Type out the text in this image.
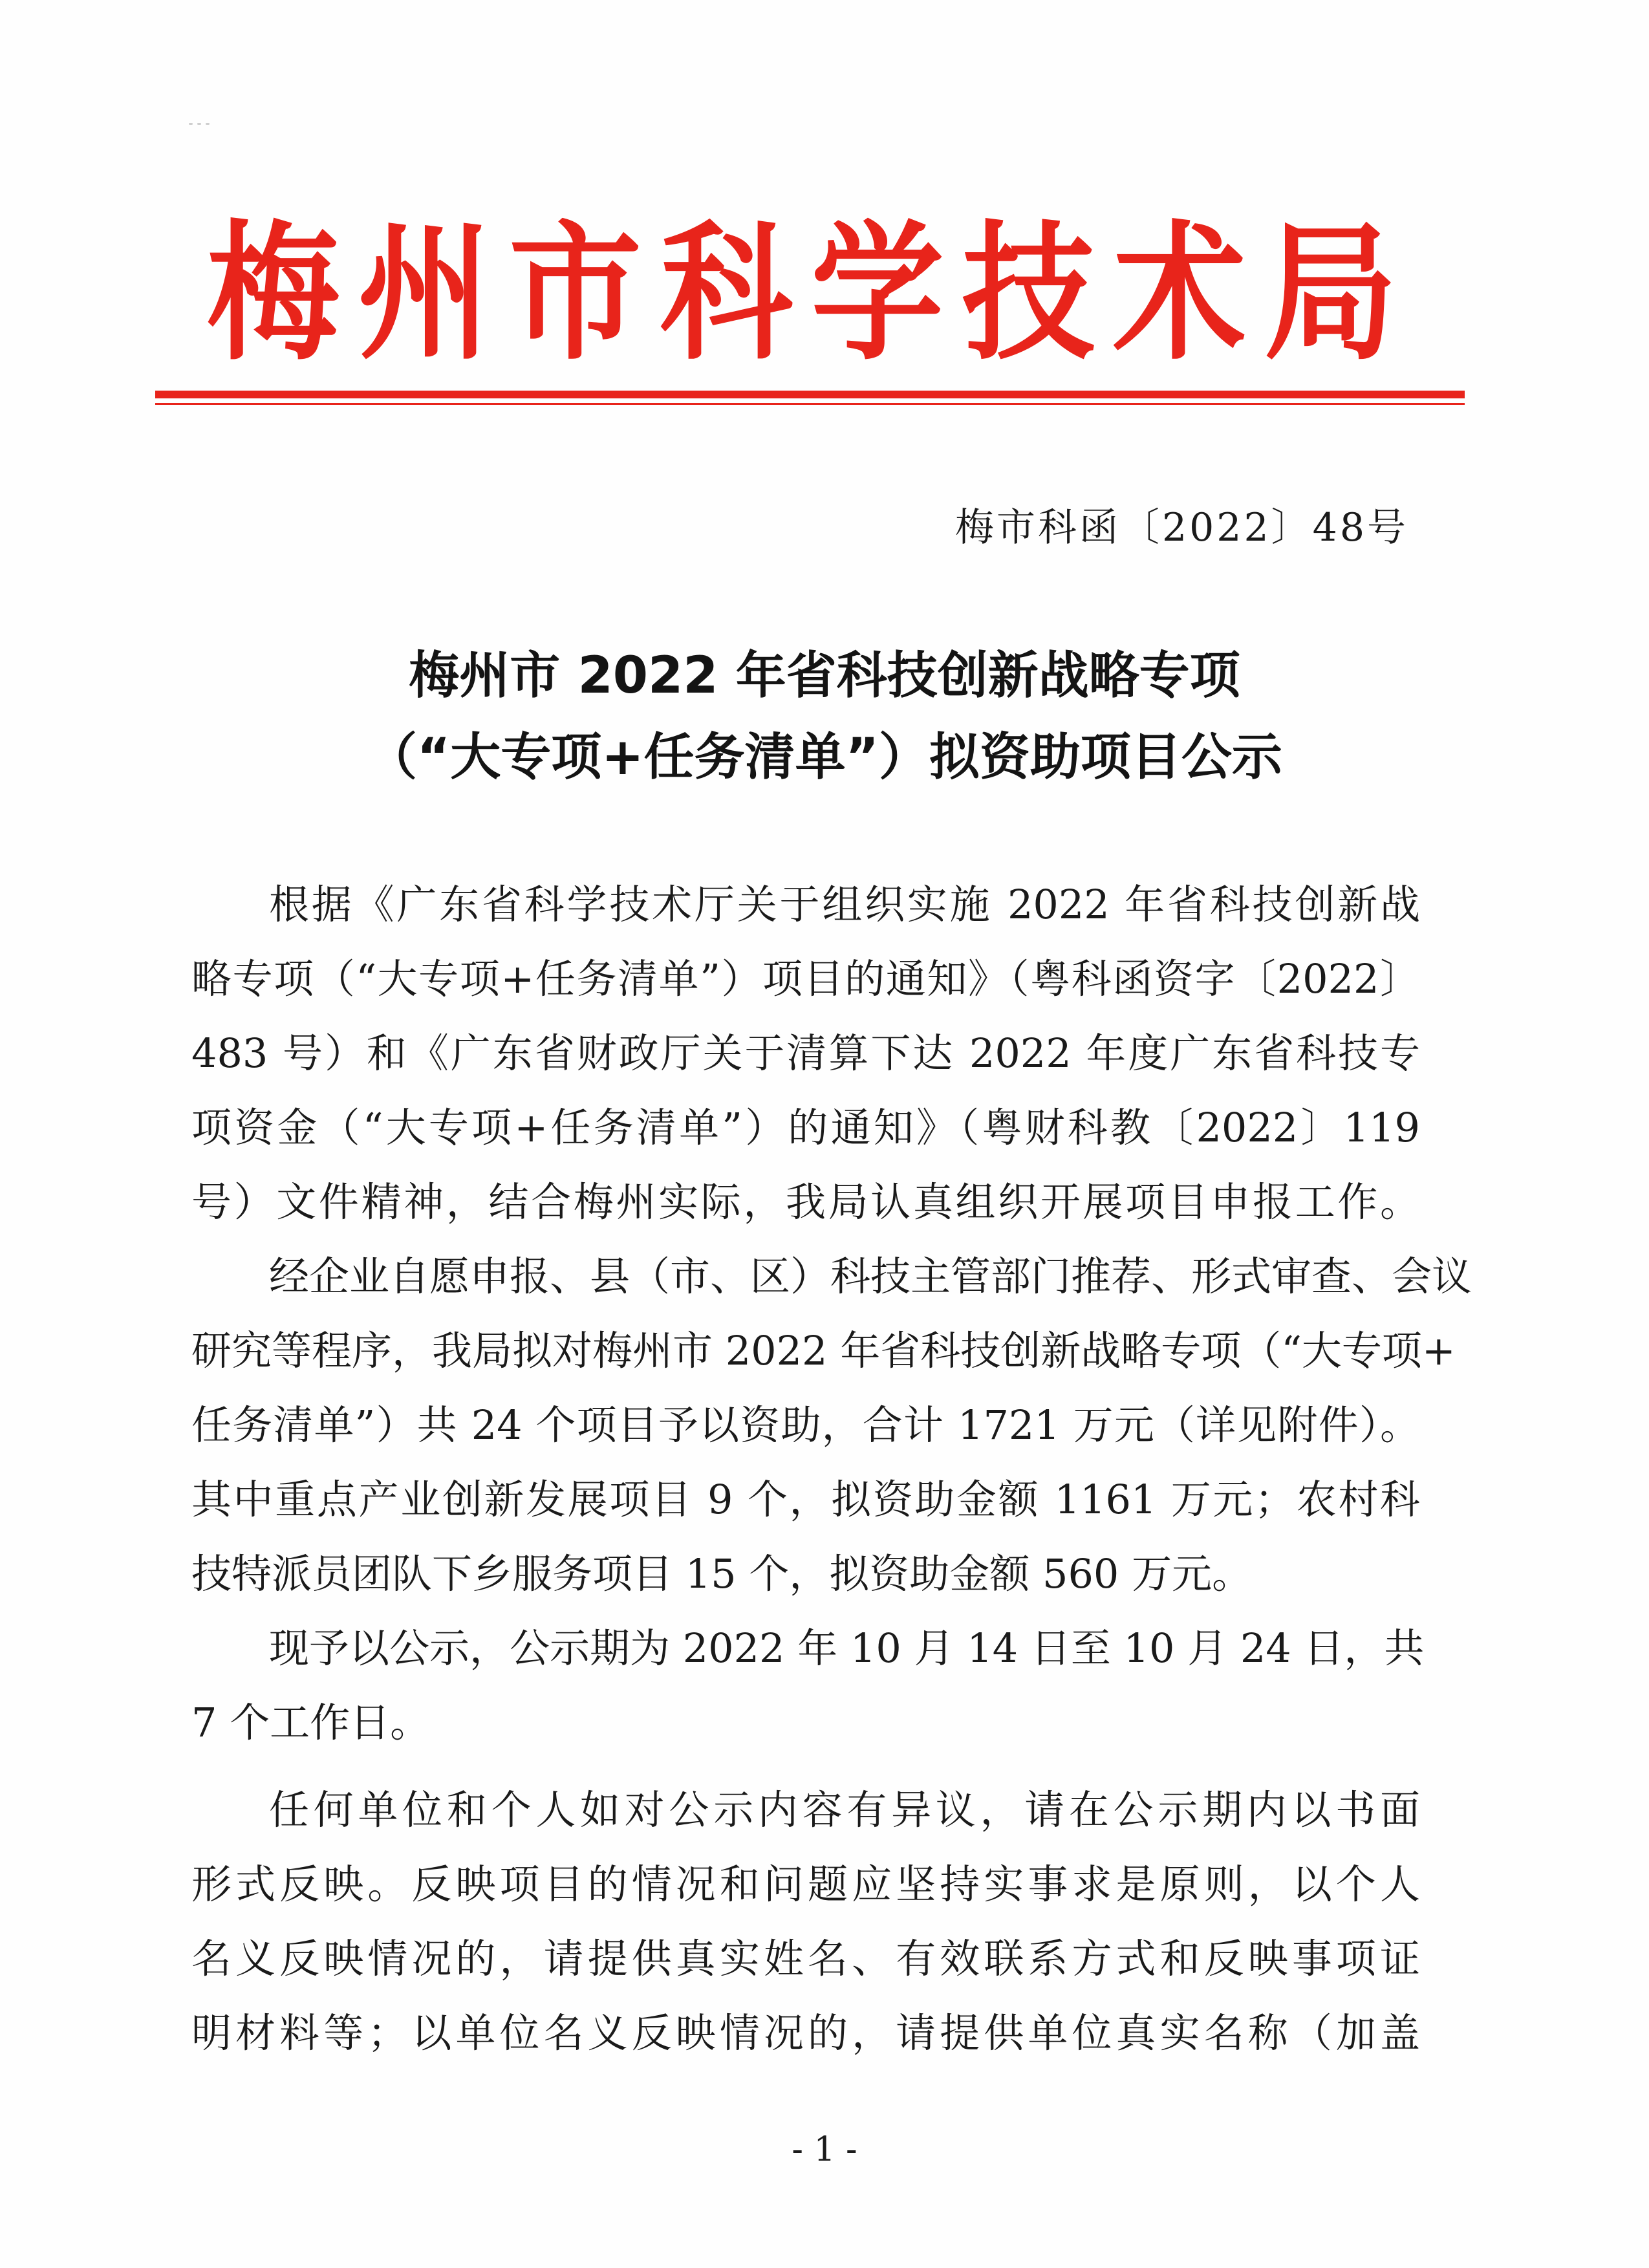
梅 州 市 科 学 技 术 局
梅市科函〔2022〕48号
梅州市 2022 年省科技创新战略专项
（“大专项+任务清单”）拟资助项目公示
根据《广东省科学技术厅关于组织实施 2022 年省科技创新战
略专项（“大专项+任务清单”）项目的通知》（粤科函资字〔2022〕
483 号）和《广东省财政厅关于清算下达 2022 年度广东省科技专
项资金（“大专项+任务清单”）的通知》（粤财科教〔2022〕119
号）文件精神，结合梅州实际，我局认真组织开展项目申报工作。
经企业自愿申报、县（市、区）科技主管部门推荐、形式审查、会议
研究等程序，我局拟对梅州市 2022 年省科技创新战略专项（“大专项+
任务清单”）共 24 个项目予以资助，合计 1721 万元（详见附件）。
其中重点产业创新发展项目 9 个，拟资助金额 1161 万元；农村科
技特派员团队下乡服务项目 15 个，拟资助金额 560 万元。
现予以公示，公示期为 2022 年 10 月 14 日至 10 月 24 日，共
7 个工作日。
任何单位和个人如对公示内容有异议，请在公示期内以书面
形式反映。反映项目的情况和问题应坚持实事求是原则，以个人
名义反映情况的，请提供真实姓名、有效联系方式和反映事项证
明材料等；以单位名义反映情况的，请提供单位真实名称（加盖
- 1 -
